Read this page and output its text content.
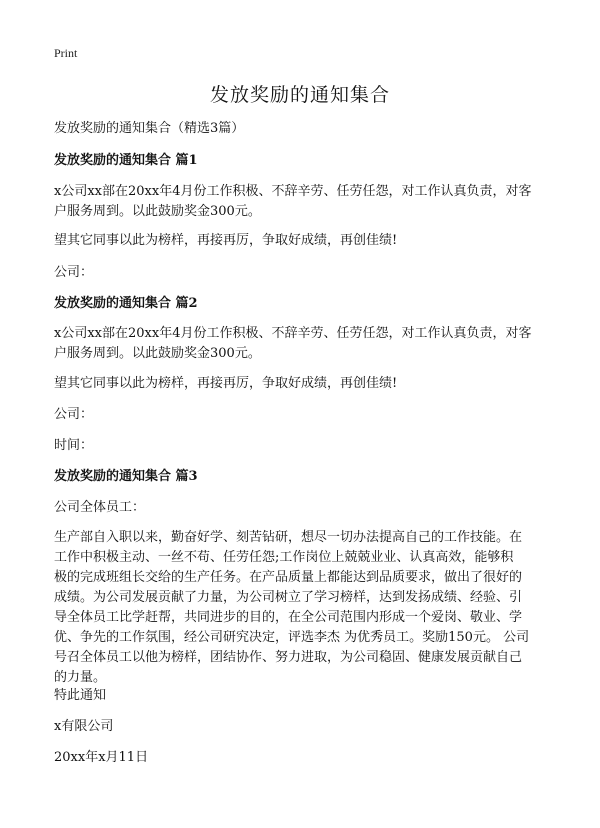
Print
发放奖励的通知集合
发放奖励的通知集合（精选3篇）
发放奖励的通知集合 篇1
x公司xx部在20xx年4月份工作积极、不辞辛劳、任劳任怨，对工作认真负责，对客
户服务周到。以此鼓励奖金300元。
望其它同事以此为榜样，再接再厉，争取好成绩，再创佳绩!
公司：
发放奖励的通知集合 篇2
x公司xx部在20xx年4月份工作积极、不辞辛劳、任劳任怨，对工作认真负责，对客
户服务周到。以此鼓励奖金300元。
望其它同事以此为榜样，再接再厉，争取好成绩，再创佳绩!
公司：
时间：
发放奖励的通知集合 篇3
公司全体员工：
生产部自入职以来，勤奋好学、刻苦钻研，想尽一切办法提高自己的工作技能。在
工作中积极主动、一丝不苟、任劳任怨;工作岗位上兢兢业业、认真高效，能够积
极的完成班组长交给的生产任务。在产品质量上都能达到品质要求，做出了很好的
成绩。为公司发展贡献了力量，为公司树立了学习榜样，达到发扬成绩、经验、引
导全体员工比学赶帮，共同进步的目的，在全公司范围内形成一个爱岗、敬业、学
优、争先的工作氛围，经公司研究决定，评选李杰 为优秀员工。奖励150元。 公司
号召全体员工以他为榜样，团结协作、努力进取，为公司稳固、健康发展贡献自己
的力量。
特此通知
x有限公司
20xx年x月11日
